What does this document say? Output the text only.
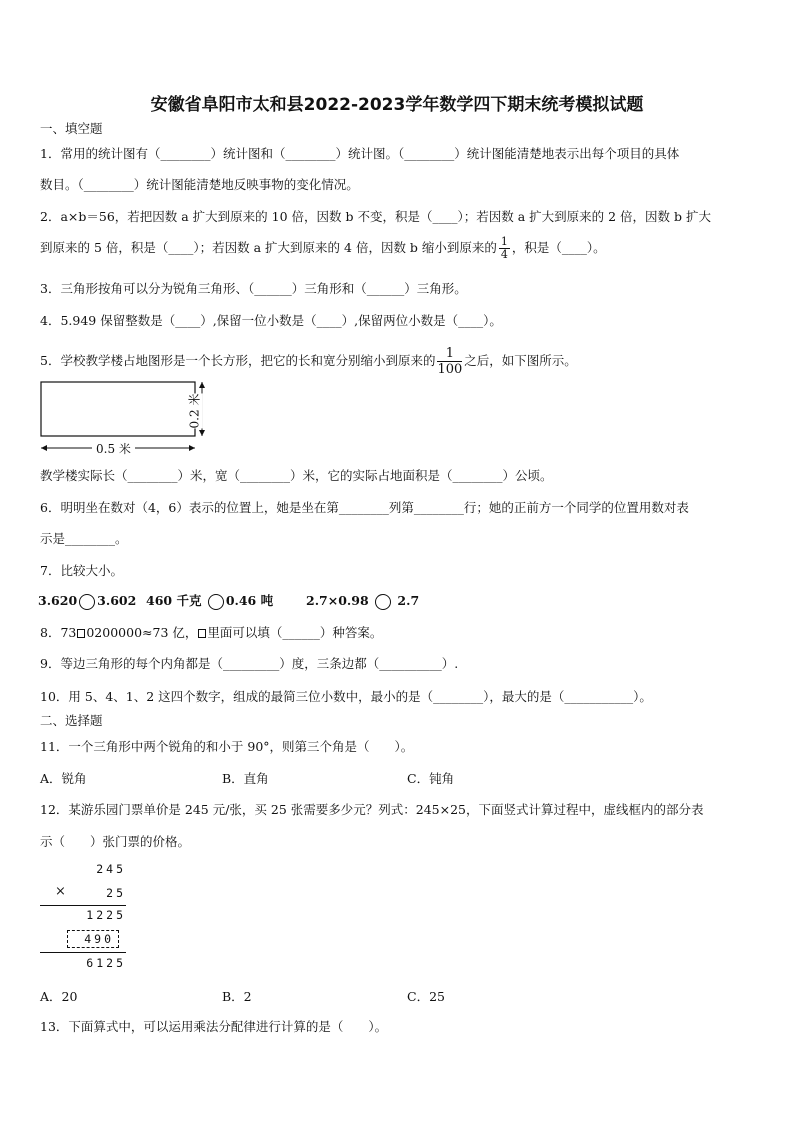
安徽省阜阳市太和县2022-2023学年数学四下期末统考模拟试题
一、填空题
1．常用的统计图有（________）统计图和（________）统计图。（________）统计图能清楚地表示出每个项目的具体
数目。（________）统计图能清楚地反映事物的变化情况。
2．a×b＝56，若把因数 a 扩大到原来的 10 倍，因数 b 不变，积是（____）；若因数 a 扩大到原来的 2 倍，因数 b 扩大
到原来的 5 倍，积是（____）；若因数 a 扩大到原来的 4 倍，因数 b 缩小到原来的 $\frac{1}{4}$ ，积是（____）。
3．三角形按角可以分为锐角三角形、（______）三角形和（______）三角形。
4．5.949 保留整数是（____）,保留一位小数是（____）,保留两位小数是（____）。
5．学校教学楼占地图形是一个长方形，把它的长和宽分别缩小到原来的 $\frac{1}{100}$ 之后，如下图所示。
0.5 米
0.2 米
教学楼实际长（________）米，宽（________）米，它的实际占地面积是（________）公顷。
6．明明坐在数对（4，6）表示的位置上，她是坐在第________列第________行；她的正前方一个同学的位置用数对表
示是________。
7．比较大小。
3.620 3.602 460 千克 0.46 吨	2.7×0.98 2.7
8．73 0200000≈73 亿， 里面可以填（______）种答案。
9．等边三角形的每个内角都是（_________）度，三条边都（__________）.
10．用 5、4、1、2 这四个数字，组成的最简三位小数中，最小的是（________），最大的是（___________）。
二、选择题
11．一个三角形中两个锐角的和小于 90°，则第三个角是（　　）。
A．锐角	B．直角	C．钝角
12．某游乐园门票单价是 245 元/张，买 25 张需要多少元？列式：245×25，下面竖式计算过程中，虚线框内的部分表
示（　　）张门票的价格。
245
25
×
1225
490
6125
A．20	B．2	C．25
13．下面算式中，可以运用乘法分配律进行计算的是（　　）。
